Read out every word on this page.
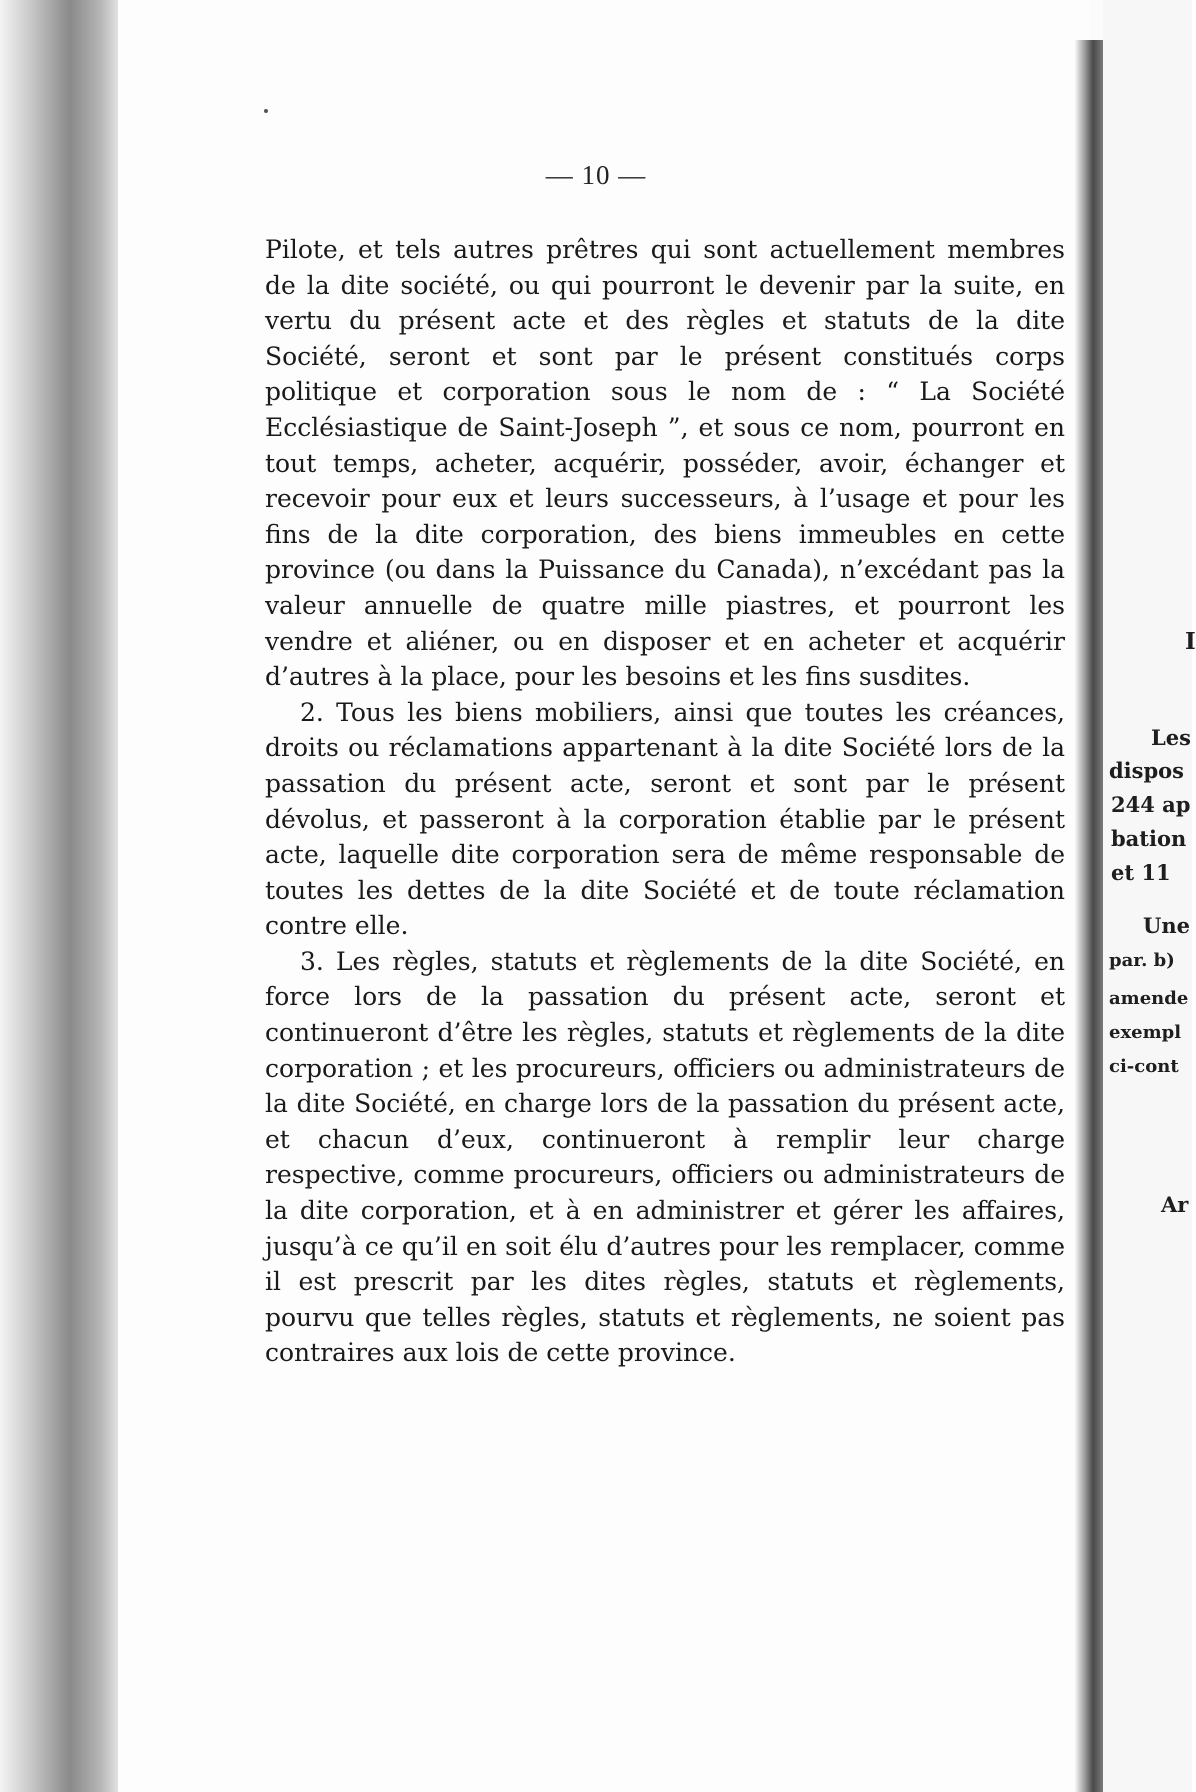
— 10 —

Pilote, et tels autres prêtres qui sont actuellement membres de la dite société, ou qui pourront le devenir par la suite, en vertu du présent acte et des règles et statuts de la dite Société, seront et sont par le présent constitués corps politique et corporation sous le nom de : “ La Société Ecclésiastique de Saint-Joseph ”, et sous ce nom, pourront en tout temps, acheter, acquérir, posséder, avoir, échanger et recevoir pour eux et leurs successeurs, à l’usage et pour les fins de la dite corporation, des biens immeubles en cette province (ou dans la Puissance du Canada), n’excédant pas la valeur annuelle de quatre mille piastres, et pourront les vendre et aliéner, ou en disposer et en acheter et acquérir d’autres à la place, pour les besoins et les fins susdites.

2. Tous les biens mobiliers, ainsi que toutes les créances, droits ou réclamations appartenant à la dite Société lors de la passation du présent acte, seront et sont par le présent dévolus, et passeront à la corporation établie par le présent acte, laquelle dite corporation sera de même responsable de toutes les dettes de la dite Société et de toute réclamation contre elle.

3. Les règles, statuts et règlements de la dite Société, en force lors de la passation du présent acte, seront et continueront d’être les règles, statuts et règlements de la dite corporation ; et les procureurs, officiers ou administrateurs de la dite Société, en charge lors de la passation du présent acte, et chacun d’eux, continueront à remplir leur charge respective, comme procureurs, officiers ou administrateurs de la dite corporation, et à en administrer et gérer les affaires, jusqu’à ce qu’il en soit élu d’autres pour les remplacer, comme il est prescrit par les dites règles, statuts et règlements, pourvu que telles règles, statuts et règlements, ne soient pas contraires aux lois de cette province.

I
Les
dispos
244 ap
bation
et 11
Une
par. b)
amende
exempl
ci-cont
Ar
